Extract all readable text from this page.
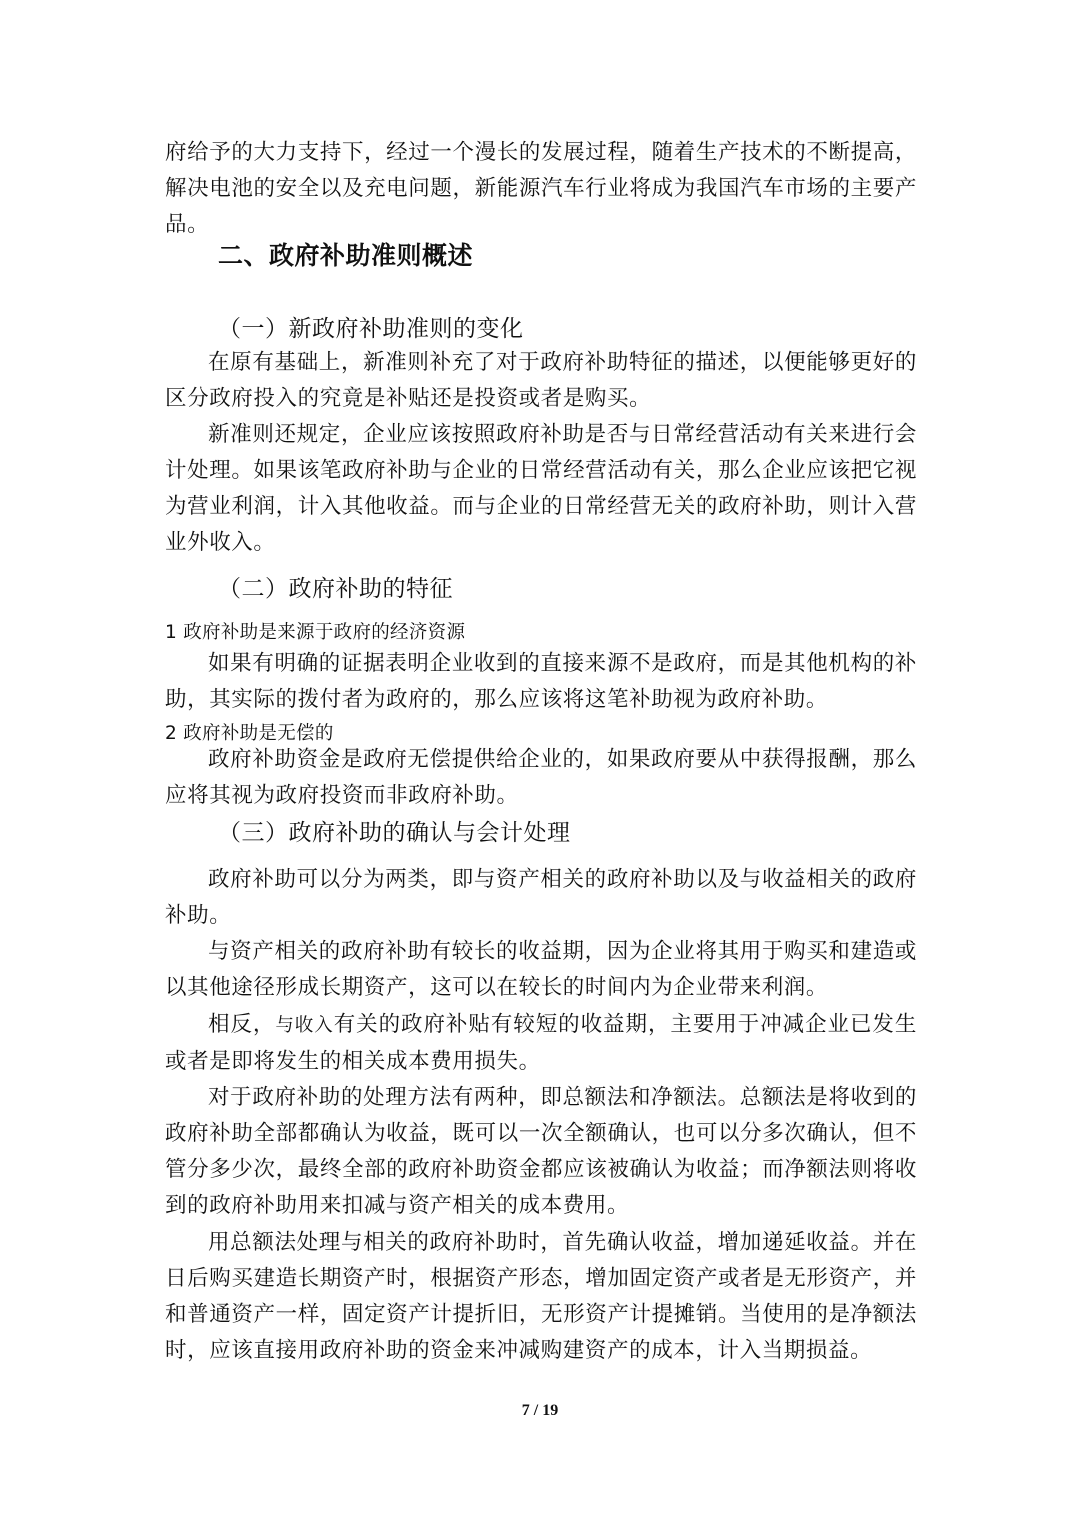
府给予的大力支持下，经过一个漫长的发展过程，随着生产技术的不断提高，解决电池的安全以及充电问题，新能源汽车行业将成为我国汽车市场的主要产品。

二、政府补助准则概述
（一）新政府补助准则的变化

在原有基础上，新准则补充了对于政府补助特征的描述，以便能够更好的区分政府投入的究竟是补贴还是投资或者是购买。

新准则还规定，企业应该按照政府补助是否与日常经营活动有关来进行会计处理。如果该笔政府补助与企业的日常经营活动有关，那么企业应该把它视为营业利润，计入其他收益。而与企业的日常经营无关的政府补助，则计入营业外收入。

（二）政府补助的特征
1 政府补助是来源于政府的经济资源

如果有明确的证据表明企业收到的直接来源不是政府，而是其他机构的补助，其实际的拨付者为政府的，那么应该将这笔补助视为政府补助。

2 政府补助是无偿的

政府补助资金是政府无偿提供给企业的，如果政府要从中获得报酬，那么应将其视为政府投资而非政府补助。

（三）政府补助的确认与会计处理

政府补助可以分为两类，即与资产相关的政府补助以及与收益相关的政府补助。

与资产相关的政府补助有较长的收益期，因为企业将其用于购买和建造或以其他途径形成长期资产，这可以在较长的时间内为企业带来利润。

相反，与收入有关的政府补贴有较短的收益期，主要用于冲减企业已发生或者是即将发生的相关成本费用损失。

对于政府补助的处理方法有两种，即总额法和净额法。总额法是将收到的政府补助全部都确认为收益，既可以一次全额确认，也可以分多次确认，但不管分多少次，最终全部的政府补助资金都应该被确认为收益；而净额法则将收到的政府补助用来扣减与资产相关的成本费用。

用总额法处理与相关的政府补助时，首先确认收益，增加递延收益。并在日后购买建造长期资产时，根据资产形态，增加固定资产或者是无形资产，并和普通资产一样，固定资产计提折旧，无形资产计提摊销。当使用的是净额法时，应该直接用政府补助的资金来冲减购建资产的成本，计入当期损益。

7 / 19
